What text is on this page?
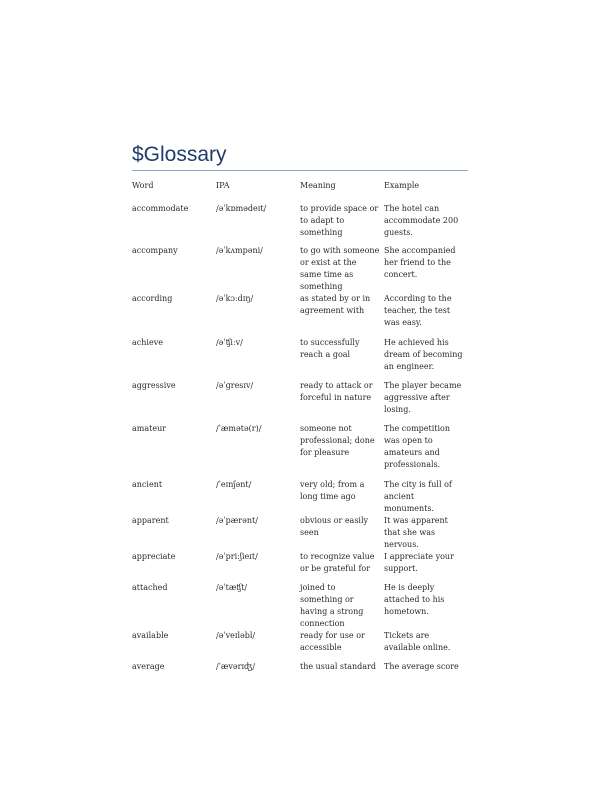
$Glossary
Word	IPA	Meaning	Example

accommodate	/əˈkɒmədeɪt/	to provide space or to adapt to something	The hotel can accommodate 200 guests.

accompany	/əˈkʌmpəni/	to go with someone or exist at the same time as something	She accompanied her friend to the concert.

according	/əˈkɔːdɪŋ/	as stated by or in agreement with	According to the teacher, the test was easy.

achieve	/əˈʧiːv/	to successfully reach a goal	He achieved his dream of becoming an engineer.

aggressive	/əˈɡresɪv/	ready to attack or forceful in nature	The player became aggressive after losing.

amateur	/ˈæmətə(r)/	someone not professional; done for pleasure	The competition was open to amateurs and professionals.

ancient	/ˈeɪnʃənt/	very old; from a long time ago	The city is full of ancient monuments.

apparent	/əˈpærənt/	obvious or easily seen	It was apparent that she was nervous.

appreciate	/əˈpriːʃieɪt/	to recognize value or be grateful for	I appreciate your support.

attached	/əˈtæʧt/	joined to something or having a strong connection	He is deeply attached to his hometown.

available	/əˈveɪləbl/	ready for use or accessible	Tickets are available online.

average	/ˈævərɪʤ/	the usual standard	The average score
